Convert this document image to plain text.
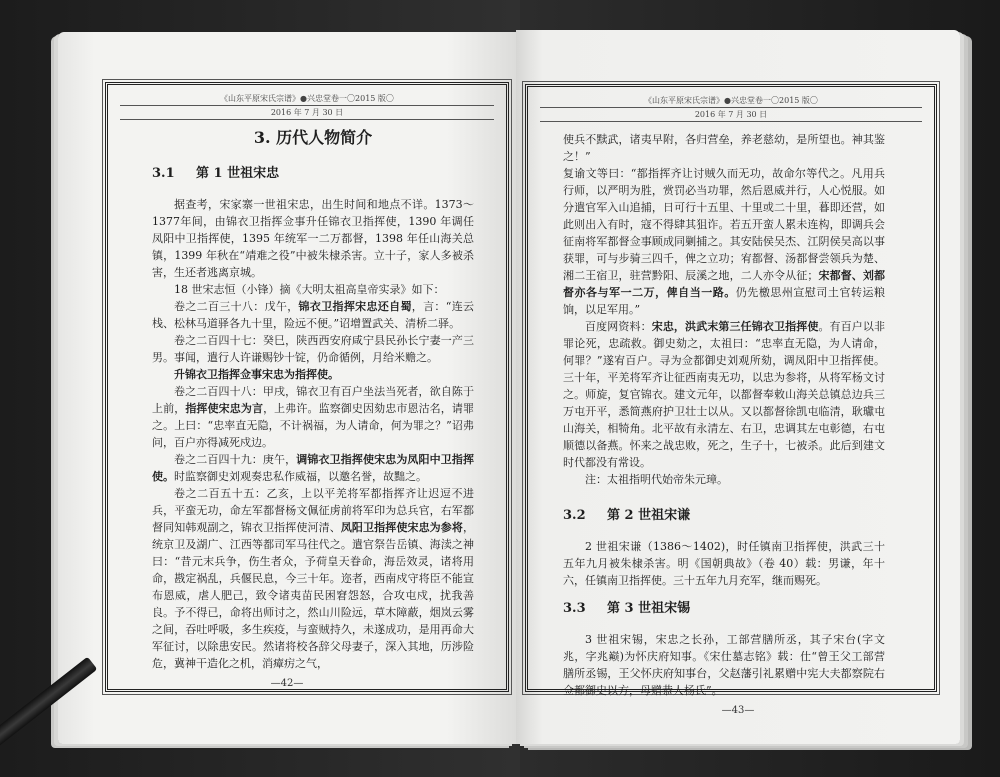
《山东平原宋氏宗谱》●兴忠堂卷一〇2015 版〇
2016 年 7 月 30 日
3. 历代人物简介
3.1 第 1 世祖宋忠

据查考，宋家寨一世祖宋忠，出生时间和地点不详。1373～1377年间，由锦衣卫指挥佥事升任锦衣卫指挥使，1390 年调任凤阳中卫指挥使，1395 年统军一二万都督，1398 年任山海关总镇，1399 年秋在“靖难之役”中被朱棣杀害。立十子，家人多被杀害，生还者逃离京城。

18 世宋志恒（小锋）摘《大明太祖高皇帝实录》如下：

卷之二百三十八：戊午，锦衣卫指挥宋忠还自蜀，言：“连云栈、松林马道驿各九十里，险远不便。”诏增置武关、清桥二驿。

卷之二百四十七：癸巳，陕西西安府咸宁县民孙长宁妻一产三男。事闻，遣行人许谦赐钞十锭，仍命循例，月给米赡之。

升锦衣卫指挥佥事宋忠为指挥使。

卷之二百四十八：甲戌，锦衣卫有百户坐法当死者，欲自陈于上前，指挥使宋忠为言，上弗许。监察御史因劾忠市恩沽名，请罪之。上曰：“忠率直无隐，不计祸福，为人请命，何为罪之？”诏弗问，百户亦得减死戍边。

卷之二百四十九：庚午，调锦衣卫指挥使宋忠为凤阳中卫指挥使。时监察御史刘观奏忠私作威福，以邀名誉，故黜之。

卷之二百五十五：乙亥，上以平羌将军都指挥齐让迟逗不进兵，平蛮无功，命左军都督杨文佩征虏前将军印为总兵官，右军都督同知韩观副之，锦衣卫指挥使河清、凤阳卫指挥使宋忠为参将，统京卫及湖广、江西等都司军马往代之。遣官祭告岳镇、海渎之神曰：“昔元末兵争，伤生者众，予荷皇天眷命，海岳效灵，诸将用命，戡定祸乱，兵偃民息，今三十年。迩者，西南戍守将臣不能宣布恩威，虐人肥己，致令诸夷苗民困窘怨怒，合攻屯戍，扰我善良。予不得已，命将出师讨之，然山川险远，草木障蔽，烟岚云雾之间，吞吐呼吸，多生疾疫，与蛮贼持久，未遂成功，是用再命大军征讨，以除患安民。然诸将校各辞父母妻子，深入其地，历涉险危，冀神干造化之机，消瘴疠之气，

—42—
《山东平原宋氏宗谱》●兴忠堂卷一〇2015 版〇
2016 年 7 月 30 日

使兵不黩武，诸夷早附，各归营垒，养老慈幼，是所望也。神其鉴之！”

复谕文等曰：“都指挥齐让讨贼久而无功，故命尔等代之。凡用兵行师，以严明为胜，赏罚必当功罪，然后恩威并行，人心悦服。如分遣官军入山追捕，日可行十五里、十里或二十里，暮即还营，如此则出入有时，寇不得肆其狙诈。若五开蛮人累未连构，即调兵会征南将军都督佥事顾成同剿捕之。其安陆侯吴杰、江阴侯吴高以事获罪，可与步骑三四千，俾之立功；宥都督、汤都督尝领兵为楚、湘二王宿卫，驻营黔阳、辰溪之地，二人亦令从征；宋都督、刘都督亦各与军一二万，俾自当一路。仍先檄思州宣慰司土官转运粮饷，以足军用。”

百度网资料：宋忠，洪武末第三任锦衣卫指挥使。有百户以非罪论死，忠疏救。御史劾之，太祖曰：“忠率直无隐，为人请命，何罪？”遂宥百户。寻为佥都御史刘观所劾，调凤阳中卫指挥使。三十年，平羌将军齐让征西南夷无功，以忠为参将，从将军杨文讨之。师旋，复官锦衣。建文元年，以都督奉敕山海关总镇总边兵三万屯开平，悉简燕府护卫壮士以从。又以都督徐凯屯临清，耿瓛屯山海关，相犄角。北平故有永清左、右卫，忠调其左屯彰德，右屯顺德以备燕。怀来之战忠败，死之，生子十，七被杀。此后到建文时代都没有常设。

注：太祖指明代始帝朱元璋。

3.2 第 2 世祖宋谦

2 世祖宋谦（1386～1402)，时任镇南卫指挥使，洪武三十五年九月被朱棣杀害。明《国朝典故》（卷 40）载：男谦，年十六，任镇南卫指挥使。三十五年九月充军，继而赐死。

3.3 第 3 世祖宋锡

3 世祖宋锡，宋忠之长孙，工部营膳所丞，其子宋台(字文兆，字兆巅)为怀庆府知事。《宋仕墓志铭》载：仕“曾王父工部营膳所丞锡，王父怀庆府知事台，父赵藩引礼累赠中宪大夫都察院右佥都御史以方，母赠恭人杨氏”。

—43—
